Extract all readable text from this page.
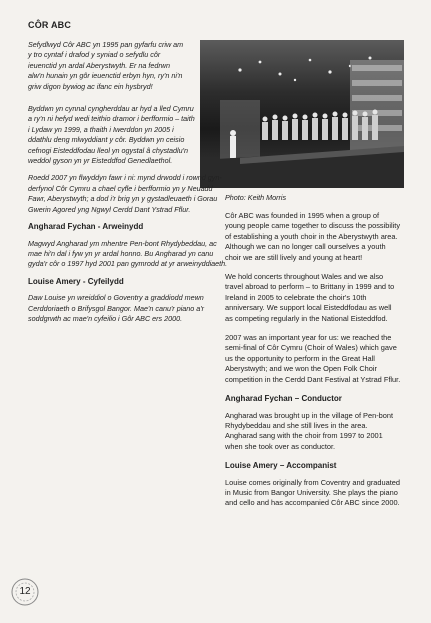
CÔR ABC

Sefydlwyd Côr ABC yn 1995 pan gyfarfu criw am y tro cyntaf i drafod y syniad o sefydlu côr ieuenctid yn ardal Aberystwyth. Er na fedrwn alw'n hunain yn gôr ieuenctid erbyn hyn, ry'n ni'n griw digon bywiog ac ifanc ein hysbryd!

Byddwn yn cynnal cyngherddau ar hyd a lled Cymru a ry'n ni hefyd wedi teithio dramor i berfformio – taith i Lydaw yn 1999, a thaith i Iwerddon yn 2005 i ddathlu deng mlwyddiant y côr. Byddwn yn ceisio cefnogi Eisteddfodau lleol yn ogystal â chystadlu'n weddol gyson yn yr Eisteddfod Genedlaethol.

Roedd 2007 yn flwyddyn fawr i ni: mynd drwodd i rownd gyn-derfynol Côr Cymru a chael cyfle i berfformio yn y Neuadd Fawr, Aberystwyth; a dod i'r brig yn y gystadleuaeth i Gorau Gwerin Agored yng Ngwyl Cerdd Dant Ystrad Fflur.

Angharad Fychan - Arweinydd

Magwyd Angharad ym mhentre Pen-bont Rhydybeddau, ac mae hi'n dal i fyw yn yr ardal honno. Bu Angharad yn canu gyda'r côr o 1997 hyd 2001 pan gymrodd at yr arweinyddiaeth.

Louise Amery - Cyfeilydd

Daw Louise yn wreiddiol o Goventry a graddiodd mewn Cerddoriaeth o Brifysgol Bangor. Mae'n canu'r piano a'r soddgrwth ac mae'n cyfeilio i Gôr ABC ers 2000.

Photo: Keith Morris

Côr ABC was founded in 1995 when a group of young people came together to discuss the possibility of establishing a youth choir in the Aberystwyth area. Although we can no longer call ourselves a youth choir we are still lively and young at heart!

We hold concerts throughout Wales and we also travel abroad to perform – to Brittany in 1999 and to Ireland in 2005 to celebrate the choir's 10th anniversary. We support local Eisteddfodau as well as competing regularly in the National Eisteddfod.

2007 was an important year for us: we reached the semi-final of Côr Cymru (Choir of Wales) which gave us the opportunity to perform in the Great Hall Aberystwyth; and we won the Open Folk Choir competition in the Cerdd Dant Festival at Ystrad Fflur.

Angharad Fychan – Conductor

Angharad was brought up in the village of Pen-bont Rhydybeddau and she still lives in the area. Angharad sang with the choir from 1997 to 2001 when she took over as conductor.

Louise Amery – Accompanist

Louise comes originally from Coventry and graduated in Music from Bangor University. She plays the piano and cello and has accompanied Côr ABC since 2000.

12
